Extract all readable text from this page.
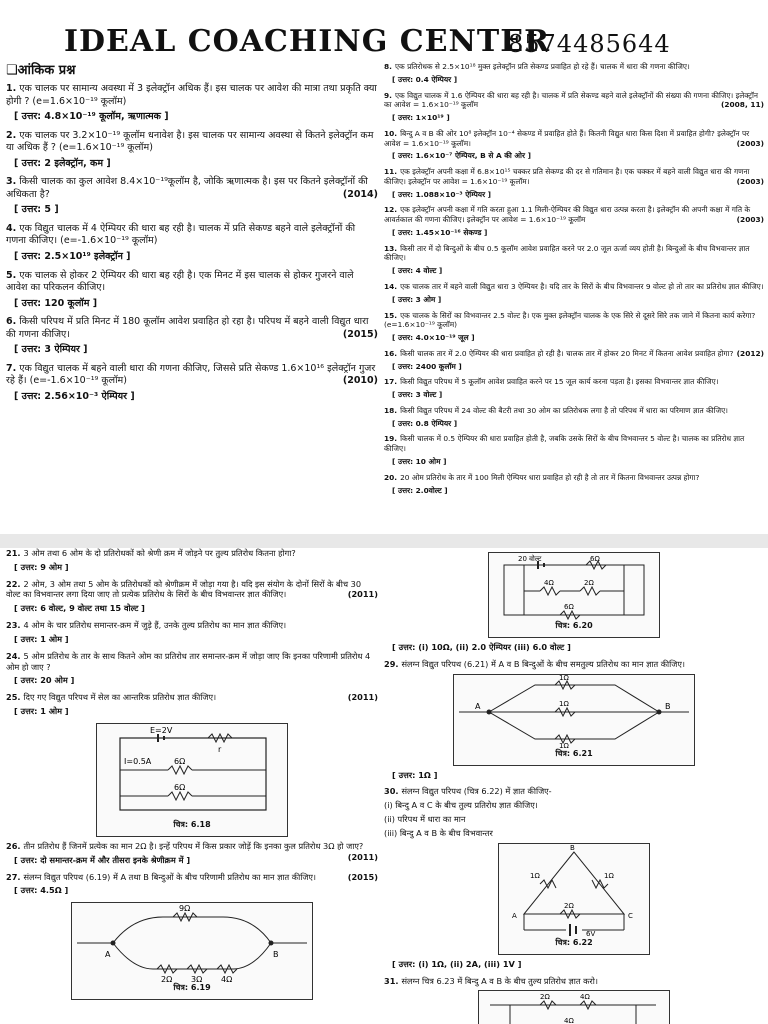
IDEAL COACHING CENTER
8574485644
❑आंकिक प्रश्न
1. एक चालक पर सामान्य अवस्था में 3 इलेक्ट्रॉन अधिक हैं। इस चालक पर आवेश की मात्रा तथा प्रकृति क्या होगी ? (e=1.6×10⁻¹⁹ कूलॉम)
[ उत्तर: 4.8×10⁻¹⁹ कूलॉम, ऋणात्मक ]
2. एक चालक पर 3.2×10⁻¹⁹ कूलॉम धनावेश है। इस चालक पर सामान्य अवस्था से कितने इलेक्ट्रॉन कम या अधिक हैं ? (e=1.6×10⁻¹⁹ कूलॉम)
[ उत्तर: 2 इलेक्ट्रॉन, कम ]
3. किसी चालक का कुल आवेश 8.4×10⁻¹⁹कूलॉम है, जोकि ऋणात्मक है। इस पर कितने इलेक्ट्रॉनों की अधिकता है?	(2014)
[ उत्तर: 5 ]
4. एक विद्युत चालक में 4 ऐम्पियर की धारा बह रही है। चालक में प्रति सेकण्ड बहने वाले इलेक्ट्रॉनों की गणना कीजिए। (e=-1.6×10⁻¹⁹ कूलॉम)
[ उत्तर: 2.5×10¹⁹ इलेक्ट्रॉन ]
5. एक चालक से होकर 2 ऐम्पियर की धारा बह रही है। एक मिनट में इस चालक से होकर गुजरने वाले आवेश का परिकलन कीजिए।
[ उत्तर: 120 कूलॉम ]
6. किसी परिपथ में प्रति मिनट में 180 कूलॉम आवेश प्रवाहित हो रहा है। परिपथ में बहने वाली विद्युत धारा की गणना कीजिए।	(2015)
[ उत्तर: 3 ऐम्पियर ]
7. एक विद्युत चालक में बहने वाली धारा की गणना कीजिए, जिससे प्रति सेकण्ड 1.6×10¹⁶ इलेक्ट्रॉन गुजर रहे हैं। (e=-1.6×10⁻¹⁹ कूलॉम)	(2010)
[ उत्तर: 2.56×10⁻³ ऐम्पियर ]
8. एक प्रतिरोधक से 2.5×10¹⁸ मुक्त इलेक्ट्रॉन प्रति सेकण्ड प्रवाहित हो रहे हैं। चालक में धारा की गणना कीजिए।
[ उत्तर: 0.4 ऐम्पियर ]
9. एक विद्युत चालक में 1.6 ऐम्पियर की धारा बह रही है। चालक में प्रति सेकण्ड बहने वाले इलेक्ट्रॉनों की संख्या की गणना कीजिए। इलेक्ट्रॉन का आवेश = 1.6×10⁻¹⁹ कूलॉम	(2008, 11)
[ उत्तर: 1×10¹⁹ ]
10. बिन्दु A व B की ओर 10⁸ इलेक्ट्रॉन 10⁻⁴ सेकण्ड में प्रवाहित होते हैं। कितनी विद्युत धारा किस दिशा में प्रवाहित होगी? इलेक्ट्रॉन पर आवेश = 1.6×10⁻¹⁹ कूलॉम।	(2003)
[ उत्तर: 1.6×10⁻⁷ ऐम्पियर, B से A की ओर ]
11. एक इलेक्ट्रॉन अपनी कक्षा में 6.8×10¹⁵ चक्कर प्रति सेकण्ड की दर से गतिमान है। एक चक्कर में बहने वाली विद्युत धारा की गणना कीजिए। इलेक्ट्रॉन पर आवेश = 1.6×10⁻¹⁹ कूलॉम।	(2003)
[ उत्तर: 1.088×10⁻³ ऐम्पियर ]
12. एक इलेक्ट्रॉन अपनी कक्षा में गति करता हुआ 1.1 मिली-ऐम्पियर की विद्युत धारा उत्पन्न करता है। इलेक्ट्रॉन की अपनी कक्षा में गति के आवर्तकाल की गणना कीजिए। इलेक्ट्रॉन पर आवेश = 1.6×10⁻¹⁹ कूलॉम	(2003)
[ उत्तर: 1.45×10⁻¹⁶ सेकण्ड ]
13. किसी तार में दो बिन्दुओं के बीच 0.5 कूलॉम आवेश प्रवाहित करने पर 2.0 जूल ऊर्जा व्यय होती है। बिन्दुओं के बीच विभवान्तर ज्ञात कीजिए।
[ उत्तर: 4 वोल्ट ]
14. एक चालक तार में बहने वाली विद्युत धारा 3 ऐम्पियर है। यदि तार के सिरों के बीच विभवान्तर 9 वोल्ट हो तो तार का प्रतिरोध ज्ञात कीजिए।
[ उत्तर: 3 ओम ]
15. एक चालक के सिरों का विभवान्तर 2.5 वोल्ट है। एक मुक्त इलेक्ट्रॉन चालक के एक सिरे से दूसरे सिरे तक जाने में कितना कार्य करेगा? (e=1.6×10⁻¹⁹ कूलॉम)
[ उत्तर: 4.0×10⁻¹⁹ जूल ]
16. किसी चालक तार में 2.0 ऐम्पियर की धारा प्रवाहित हो रही है। चालक तार में होकर 20 मिनट में कितना आवेश प्रवाहित होगा? (2012)
[ उत्तर: 2400 कूलॉम ]
17. किसी विद्युत परिपथ में 5 कूलॉम आवेश प्रवाहित करने पर 15 जूल कार्य करना पड़ता है। इसका विभवान्तर ज्ञात कीजिए।
[ उत्तर: 3 वोल्ट ]
18. किसी विद्युत परिपथ में 24 वोल्ट की बैटरी तथा 30 ओम का प्रतिरोधक लगा है तो परिपथ में धारा का परिमाण ज्ञात कीजिए।
[ उत्तर: 0.8 ऐम्पियर ]
19. किसी चालक में 0.5 ऐम्पियर की धारा प्रवाहित होती है, जबकि उसके सिरों के बीच विभवान्तर 5 वोल्ट है। चालक का प्रतिरोध ज्ञात कीजिए।
[ उत्तर: 10 ओम ]
20. 20 ओम प्रतिरोध के तार में 100 मिली ऐम्पियर धारा प्रवाहित हो रही है तो तार में कितना विभवान्तर उत्पन्न होगा?
[ उत्तर: 2.0वोल्ट ]
21. 3 ओम तथा 6 ओम के दो प्रतिरोधकों को श्रेणी क्रम में जोड़ने पर तुल्य प्रतिरोध कितना होगा?
[ उत्तर: 9 ओम ]
22. 2 ओम, 3 ओम तथा 5 ओम के प्रतिरोधकों को श्रेणीक्रम में जोड़ा गया है। यदि इस संयोग के दोनों सिरों के बीच 30 वोल्ट का विभवान्तर लगा दिया जाए तो प्रत्येक प्रतिरोध के सिरों के बीच विभवान्तर ज्ञात कीजिए।	(2011)
[ उत्तर: 6 वोल्ट, 9 वोल्ट तथा 15 वोल्ट ]
23. 4 ओम के चार प्रतिरोध समान्तर-क्रम में जुड़े हैं, उनके तुल्य प्रतिरोध का मान ज्ञात कीजिए।
[ उत्तर: 1 ओम ]
24. 5 ओम प्रतिरोध के तार के साथ कितने ओम का प्रतिरोध तार समान्तर-क्रम में जोड़ा जाए कि इनका परिणामी प्रतिरोध 4 ओम हो जाए ?
[ उत्तर: 20 ओम ]
25. दिए गए विद्युत परिपथ में सेल का आन्तरिक प्रतिरोध ज्ञात कीजिए।	(2011)
[ उत्तर: 1 ओम ]
E=2V
r
I=0.5A	6Ω
6Ω
चित्र: 6.18
26. तीन प्रतिरोध हैं जिनमें प्रत्येक का मान 2Ω है। इन्हें परिपथ में किस प्रकार जोड़ें कि इनका कुल प्रतिरोध 3Ω हो जाए?
(2011)
[ उत्तर: दो समान्तर-क्रम में और तीसरा इनके श्रेणीक्रम में ]
27. संलग्न विद्युत परिपथ (6.19) में A तथा B बिन्दुओं के बीच परिणामी प्रतिरोध का मान ज्ञात कीजिए।	(2015)
[ उत्तर: 4.5Ω ]
9Ω
2Ω 3Ω 4Ω
A	B
चित्र: 6.19
20 वोल्ट	6Ω
4Ω	2Ω
6Ω
चित्र: 6.20
[ उत्तर: (i) 10Ω, (ii) 2.0 ऐम्पियर (iii) 6.0 वोल्ट ]
29. संलग्न विद्युत परिपथ (6.21) में A व B बिन्दुओं के बीच समतुल्य प्रतिरोध का मान ज्ञात कीजिए।
A	B
1Ω
1Ω
1Ω
चित्र: 6.21
[ उत्तर: 1Ω ]
30. संलग्न विद्युत परिपथ (चित्र 6.22) में ज्ञात कीजिए-
(i) बिन्दु A व C के बीच तुल्य प्रतिरोध ज्ञात कीजिए।
(ii) परिपथ में धारा का मान
(iii) बिन्दु A व B के बीच विभवान्तर
B
A	C
1Ω	1Ω
2Ω
6V
चित्र: 6.22
[ उत्तर: (i) 1Ω, (ii) 2A, (iii) 1V ]
31. संलग्न चित्र 6.23 में बिन्दु A व B के बीच तुल्य प्रतिरोध ज्ञात करो।
2Ω	4Ω
4Ω
